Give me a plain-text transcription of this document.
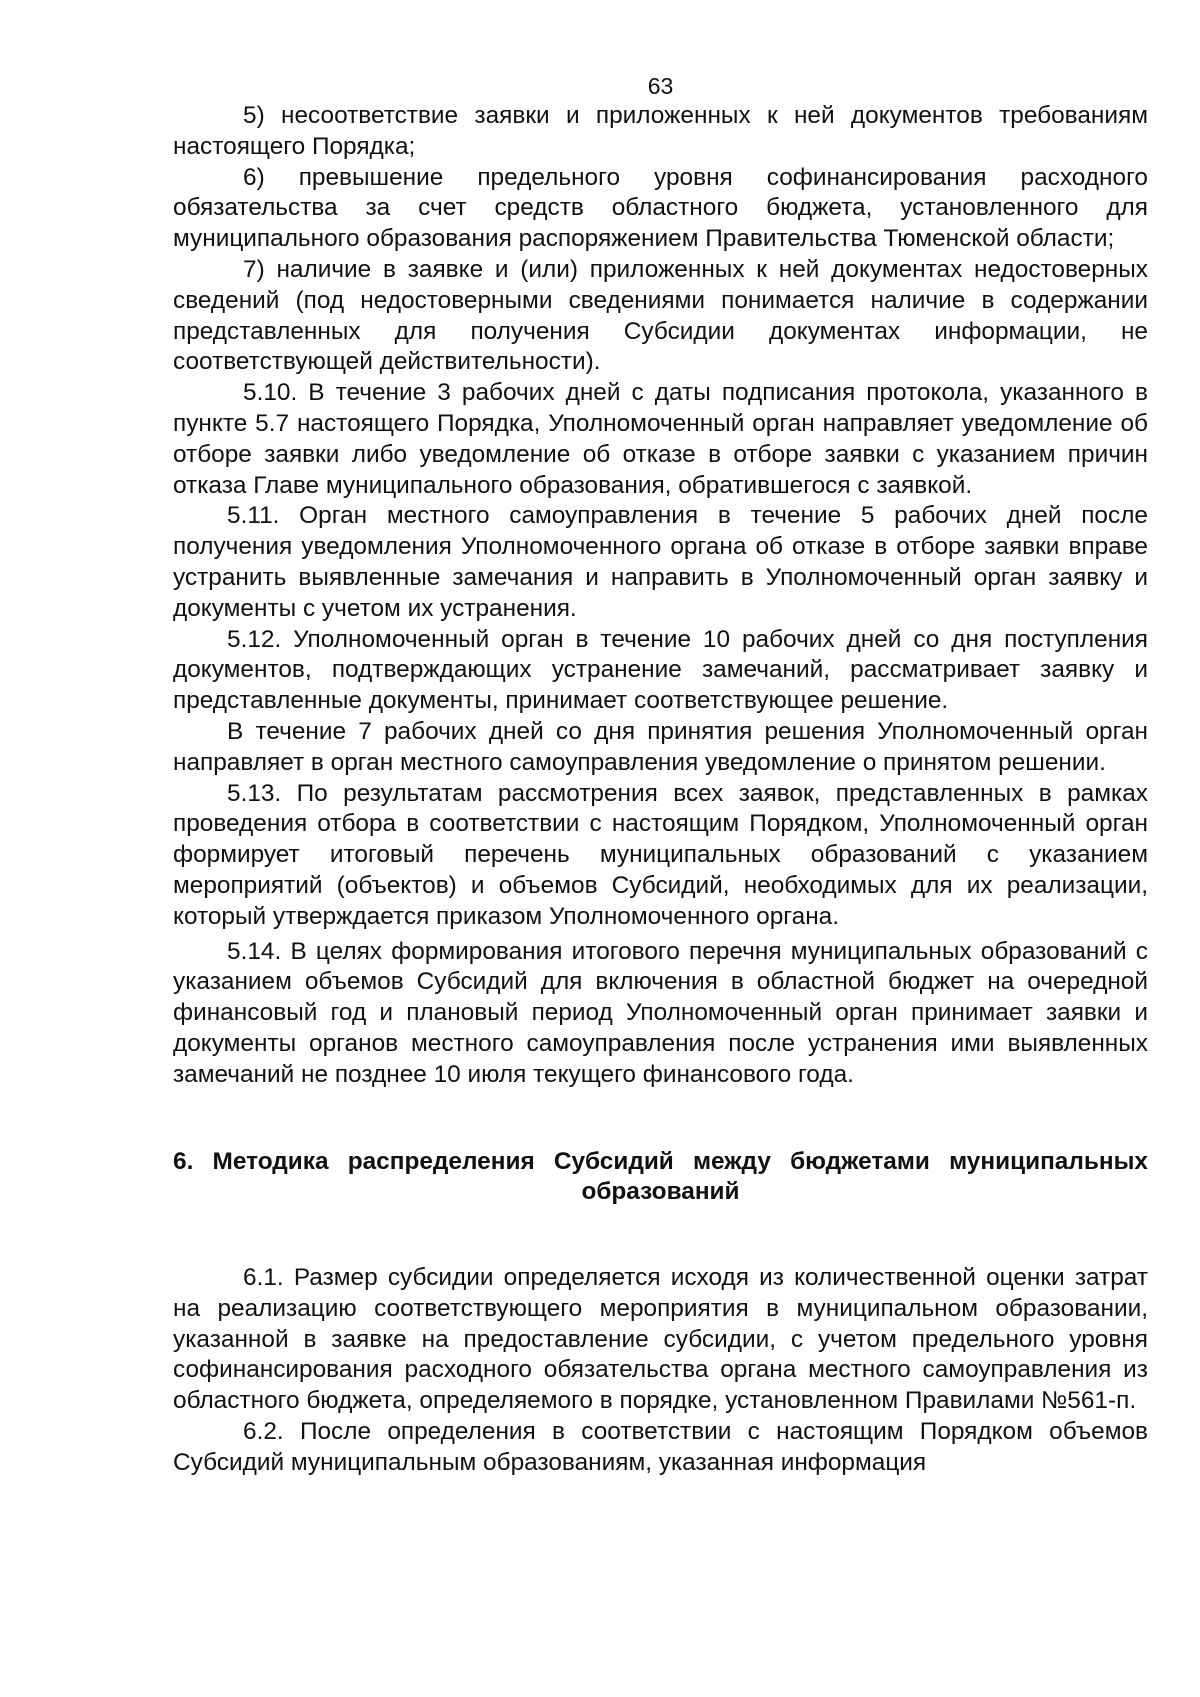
63

5) несоответствие заявки и приложенных к ней документов требованиям настоящего Порядка;

6) превышение предельного уровня софинансирования расходного обязательства за счет средств областного бюджета, установленного для муниципального образования распоряжением Правительства Тюменской области;

7) наличие в заявке и (или) приложенных к ней документах недостоверных сведений (под недостоверными сведениями понимается наличие в содержании представленных для получения Субсидии документах информации, не соответствующей действительности).

5.10. В течение 3 рабочих дней с даты подписания протокола, указанного в пункте 5.7 настоящего Порядка, Уполномоченный орган направляет уведомление об отборе заявки либо уведомление об отказе в отборе заявки с указанием причин отказа Главе муниципального образования, обратившегося с заявкой.

5.11. Орган местного самоуправления в течение 5 рабочих дней после получения уведомления Уполномоченного органа об отказе в отборе заявки вправе устранить выявленные замечания и направить в Уполномоченный орган заявку и документы с учетом их устранения.

5.12. Уполномоченный орган в течение 10 рабочих дней со дня поступления документов, подтверждающих устранение замечаний, рассматривает заявку и представленные документы, принимает соответствующее решение.

В течение 7 рабочих дней со дня принятия решения Уполномоченный орган направляет в орган местного самоуправления уведомление о принятом решении.

5.13. По результатам рассмотрения всех заявок, представленных в рамках проведения отбора в соответствии с настоящим Порядком, Уполномоченный орган формирует итоговый перечень муниципальных образований с указанием мероприятий (объектов) и объемов Субсидий, необходимых для их реализации, который утверждается приказом Уполномоченного органа.

5.14. В целях формирования итогового перечня муниципальных образований с указанием объемов Субсидий для включения в областной бюджет на очередной финансовый год и плановый период Уполномоченный орган принимает заявки и документы органов местного самоуправления после устранения ими выявленных замечаний не позднее 10 июля текущего финансового года.

6. Методика распределения Субсидий между бюджетами муниципальных
образований

6.1. Размер субсидии определяется исходя из количественной оценки затрат на реализацию соответствующего мероприятия в муниципальном образовании, указанной в заявке на предоставление субсидии, с учетом предельного уровня софинансирования расходного обязательства органа местного самоуправления из областного бюджета, определяемого в порядке, установленном Правилами №561-п.

6.2. После определения в соответствии с настоящим Порядком объемов Субсидий муниципальным образованиям, указанная информация
